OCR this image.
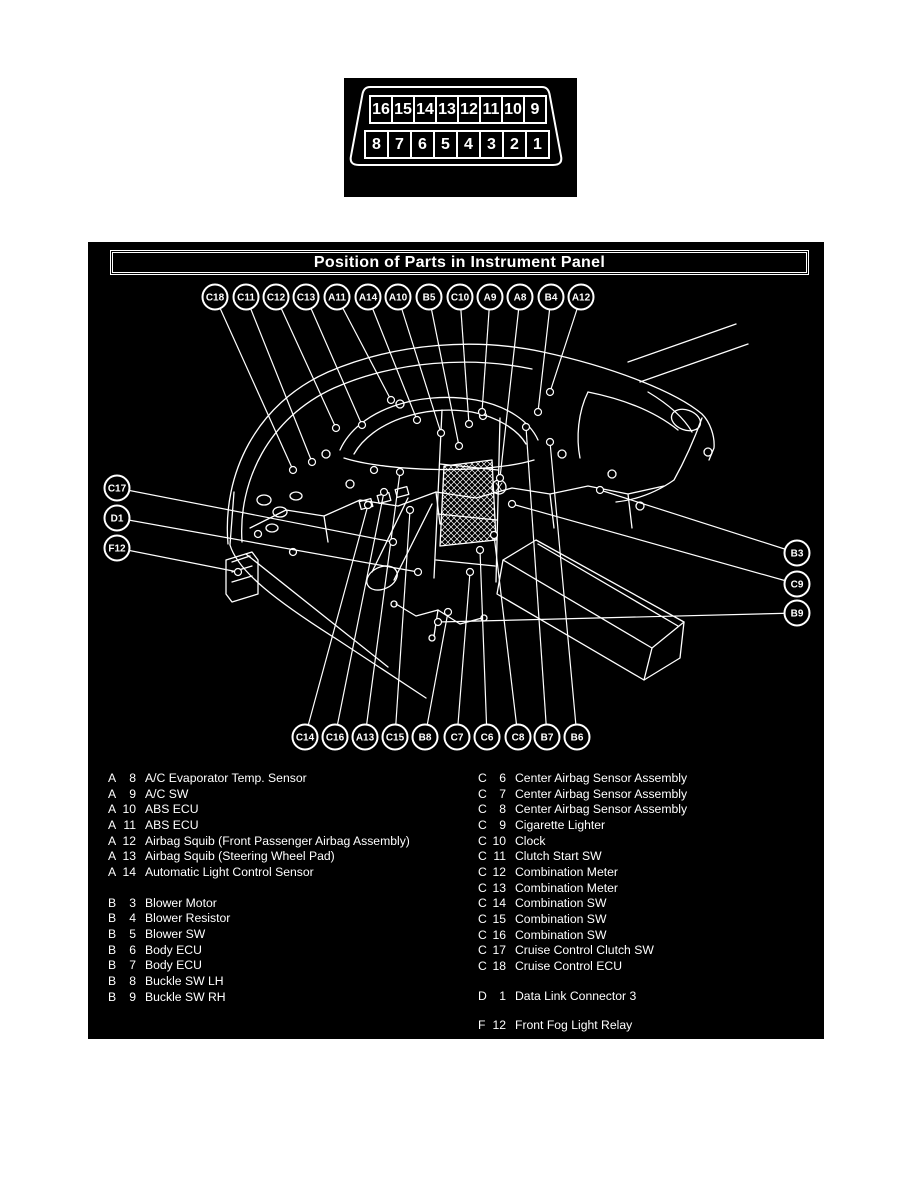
16 15 14 13 12 11 10 9
8 7 6 5 4 3 2 1
Position of Parts in Instrument Panel
C18 C11 C12 C13 A11 A14 A10 B5 C10 A9 A8 B4 A12
C17
D1
F12	B3
C9
B9
C14 C16 A13 C15 B8 C7 C6 C8 B7 B6
A	8 A/C Evaporator Temp. Sensor
A	9 A/C SW
A 10 ABS ECU
A 11 ABS ECU
A 12 Airbag Squib (Front Passenger Airbag Assembly)
A 13 Airbag Squib (Steering Wheel Pad)
A 14 Automatic Light Control Sensor
B	3 Blower Motor
B	4 Blower Resistor
B	5 Blower SW
B	6 Body ECU
B	7 Body ECU
B	8 Buckle SW LH
B	9 Buckle SW RH
C	6 Center Airbag Sensor Assembly
C	7 Center Airbag Sensor Assembly
C	8 Center Airbag Sensor Assembly
C	9 Cigarette Lighter
C 10 Clock
C 11 Clutch Start SW
C 12 Combination Meter
C 13 Combination Meter
C 14 Combination SW
C 15 Combination SW
C 16 Combination SW
C 17 Cruise Control Clutch SW
C 18 Cruise Control ECU
D	1 Data Link Connector 3
F 12 Front Fog Light Relay
